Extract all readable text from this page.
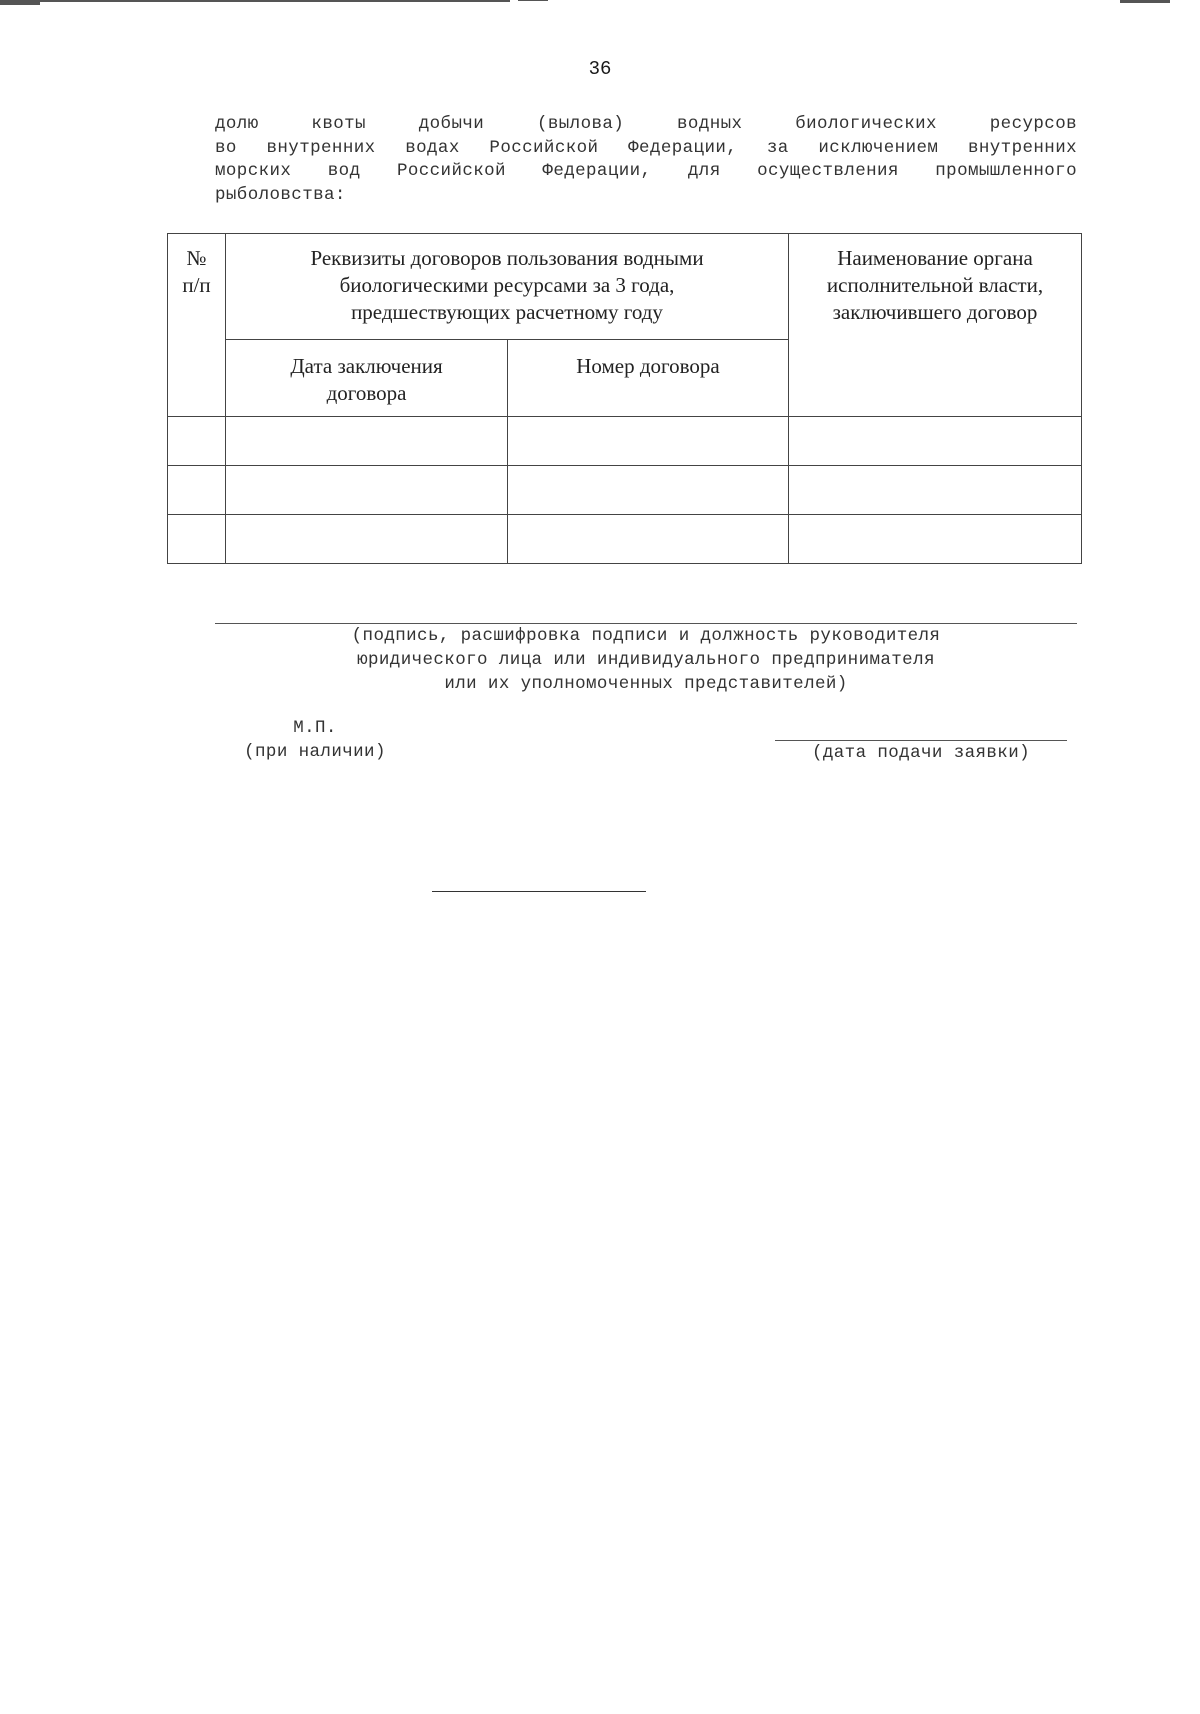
36
долю квоты добычи (вылова) водных биологических ресурсов
во внутренних водах Российской Федерации, за исключением внутренних
морских вод Российской Федерации, для осуществления промышленного
рыболовства:
№ п/п	Реквизиты договоров пользования водными биологическими ресурсами за 3 года, предшествующих расчетному году		Наименование органа исполнительной власти, заключившего договор

	Дата заключения договора	Номер договора	

(подпись, расшифровка подписи и должность руководителя
юридического лица или индивидуального предпринимателя
или их уполномоченных представителей)
М.П.
(при наличии)	(дата подачи заявки)
